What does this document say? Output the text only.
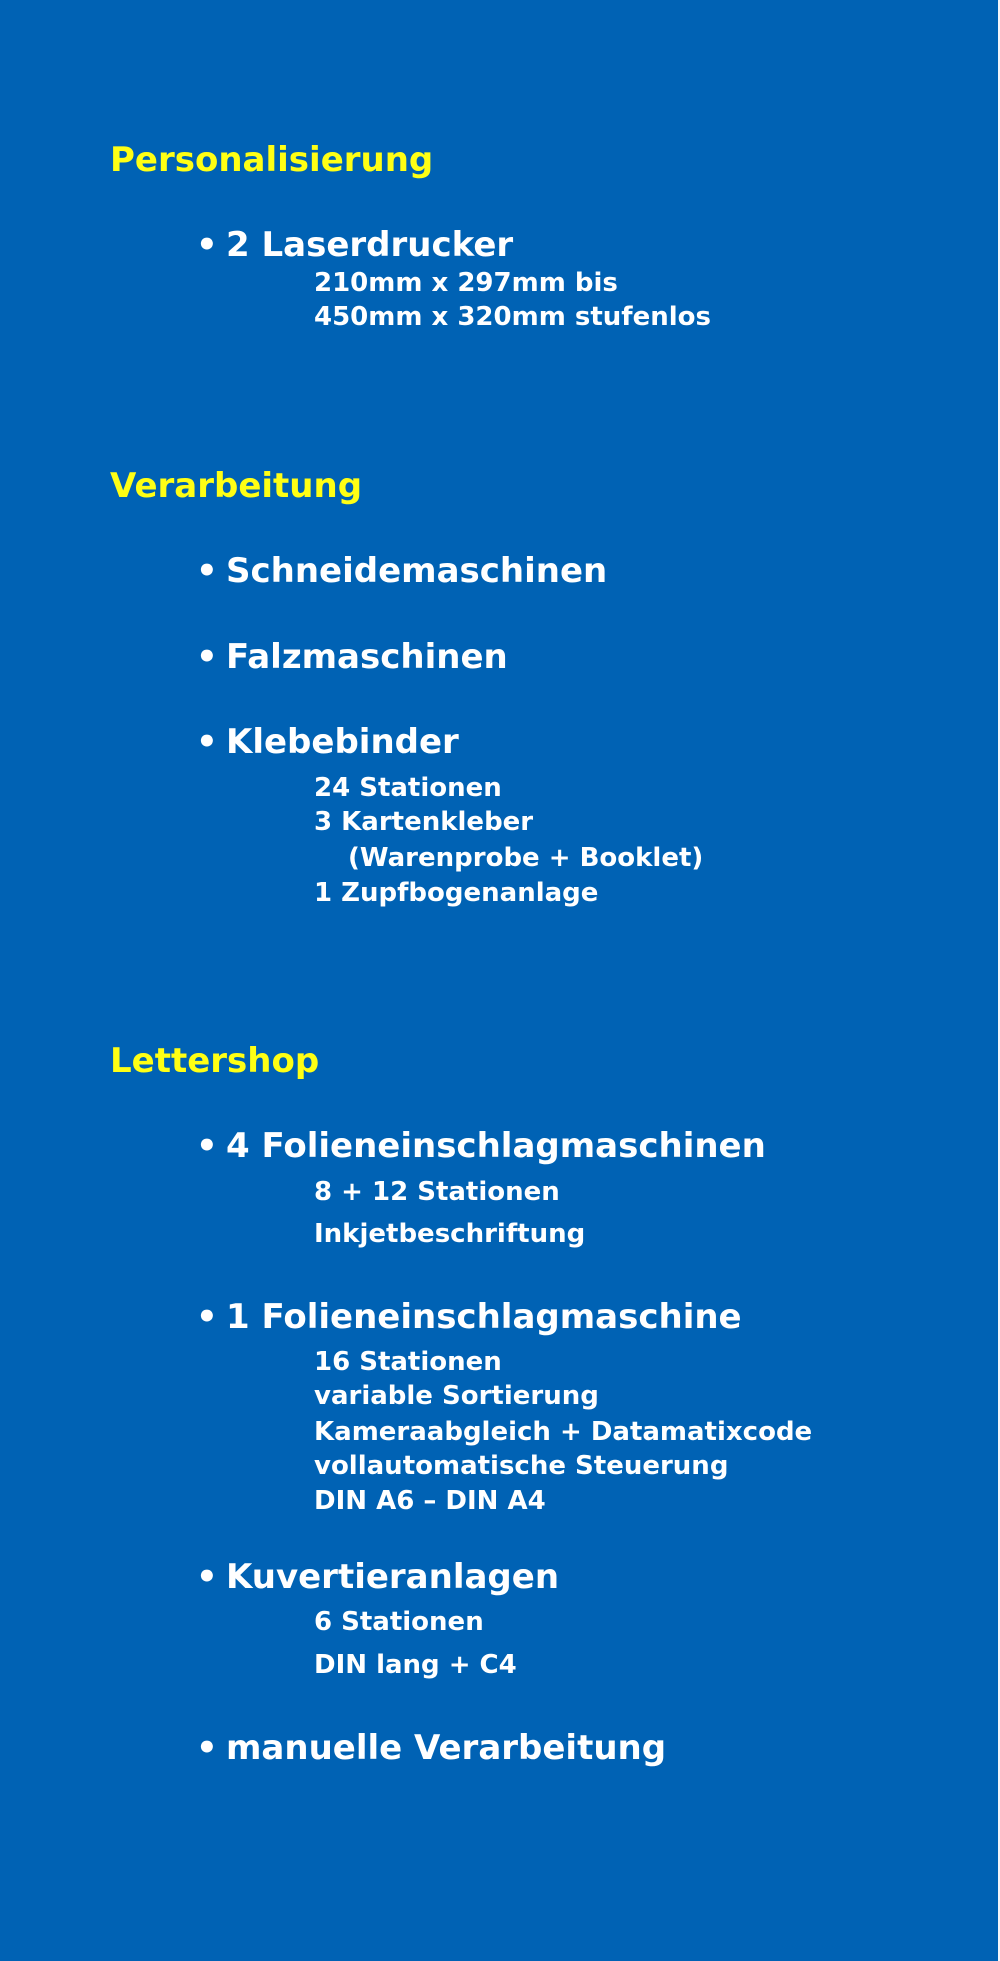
Personalisierung
• 2 Laserdrucker
210mm x 297mm bis
450mm x 320mm stufenlos
Verarbeitung
• Schneidemaschinen
• Falzmaschinen
• Klebebinder
24 Stationen
3 Kartenkleber
(Warenprobe + Booklet)
1 Zupfbogenanlage
Lettershop
• 4 Folieneinschlagmaschinen
8 + 12 Stationen
Inkjetbeschriftung
• 1 Folieneinschlagmaschine
16 Stationen
variable Sortierung
Kameraabgleich + Datamatixcode
vollautomatische Steuerung
DIN A6 – DIN A4
• Kuvertieranlagen
6 Stationen
DIN lang + C4
• manuelle Verarbeitung
